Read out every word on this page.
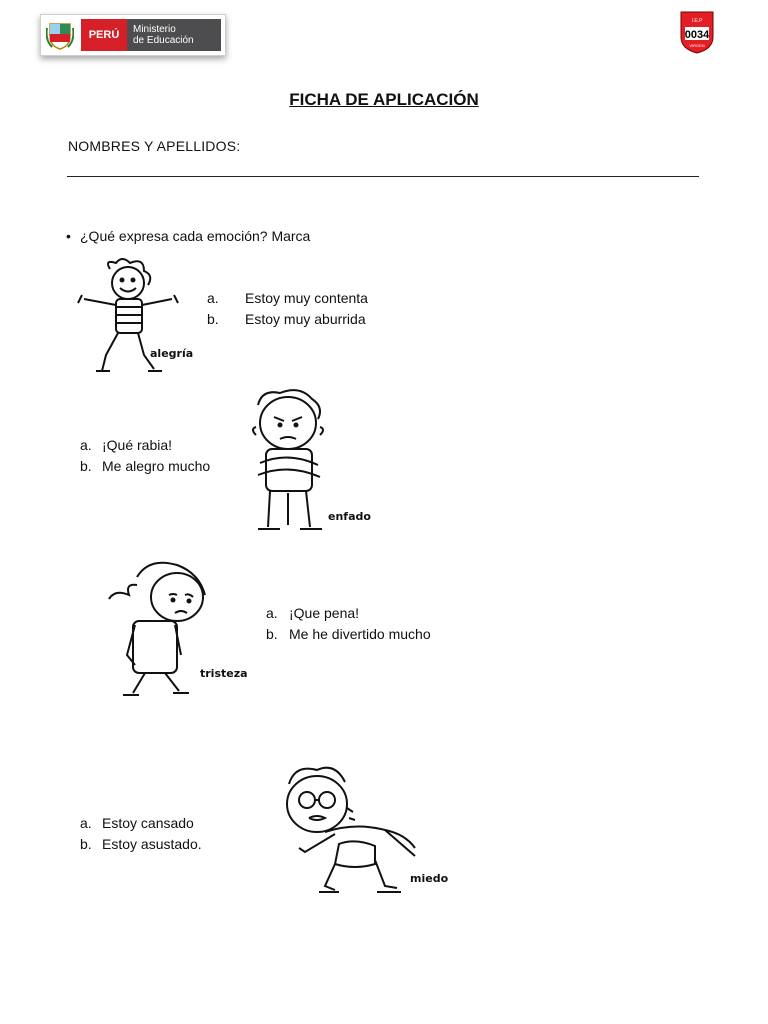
PERÚ	Ministerio
de Educación
I.E.P
0034
VIRGEN
FICHA DE APLICACIÓN
NOMBRES Y APELLIDOS:
• ¿Qué expresa cada emoción? Marca
alegría
a. Estoy muy contenta
b. Estoy muy aburrida
a. ¡Qué rabia!
b. Me alegro mucho
enfado
tristeza
a. ¡Que pena!
b. Me he divertido mucho
a. Estoy cansado
b. Estoy asustado.
miedo
